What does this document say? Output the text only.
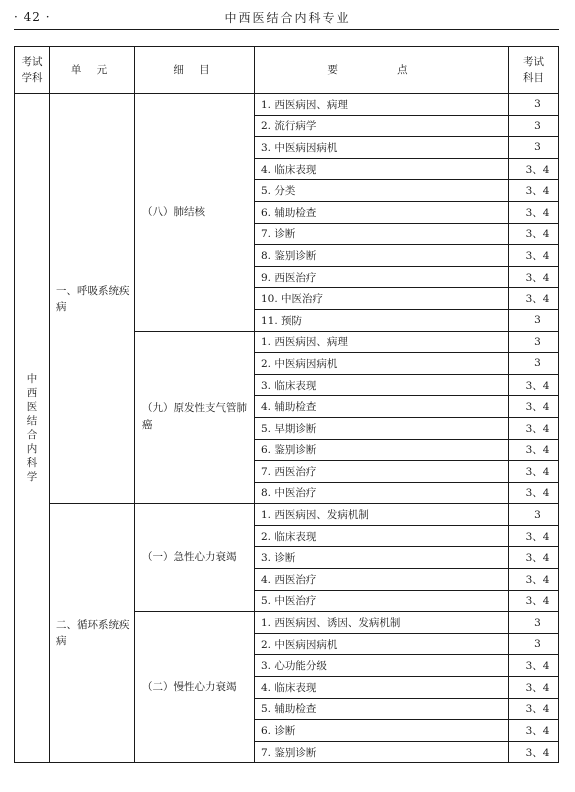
· 42 ·	中西医结合内科专业
考试学科	单 元	细 目	要 点	考试科目
中西医结合内科学	一、呼吸系统疾病	（八）肺结核	1. 西医病因、病理	3
			2. 流行病学	3
			3. 中医病因病机	3
			4. 临床表现	3、4
			5. 分类	3、4
			6. 辅助检查	3、4
			7. 诊断	3、4
			8. 鉴别诊断	3、4
			9. 西医治疗	3、4
			10. 中医治疗	3、4
			11. 预防	3
		（九）原发性支气管肺癌	1. 西医病因、病理	3
			2. 中医病因病机	3
			3. 临床表现	3、4
			4. 辅助检查	3、4
			5. 早期诊断	3、4
			6. 鉴别诊断	3、4
			7. 西医治疗	3、4
			8. 中医治疗	3、4
	二、循环系统疾病	（一）急性心力衰竭	1. 西医病因、发病机制	3
			2. 临床表现	3、4
			3. 诊断	3、4
			4. 西医治疗	3、4
			5. 中医治疗	3、4
		（二）慢性心力衰竭	1. 西医病因、诱因、发病机制	3
			2. 中医病因病机	3
			3. 心功能分级	3、4
			4. 临床表现	3、4
			5. 辅助检查	3、4
			6. 诊断	3、4
			7. 鉴别诊断	3、4
